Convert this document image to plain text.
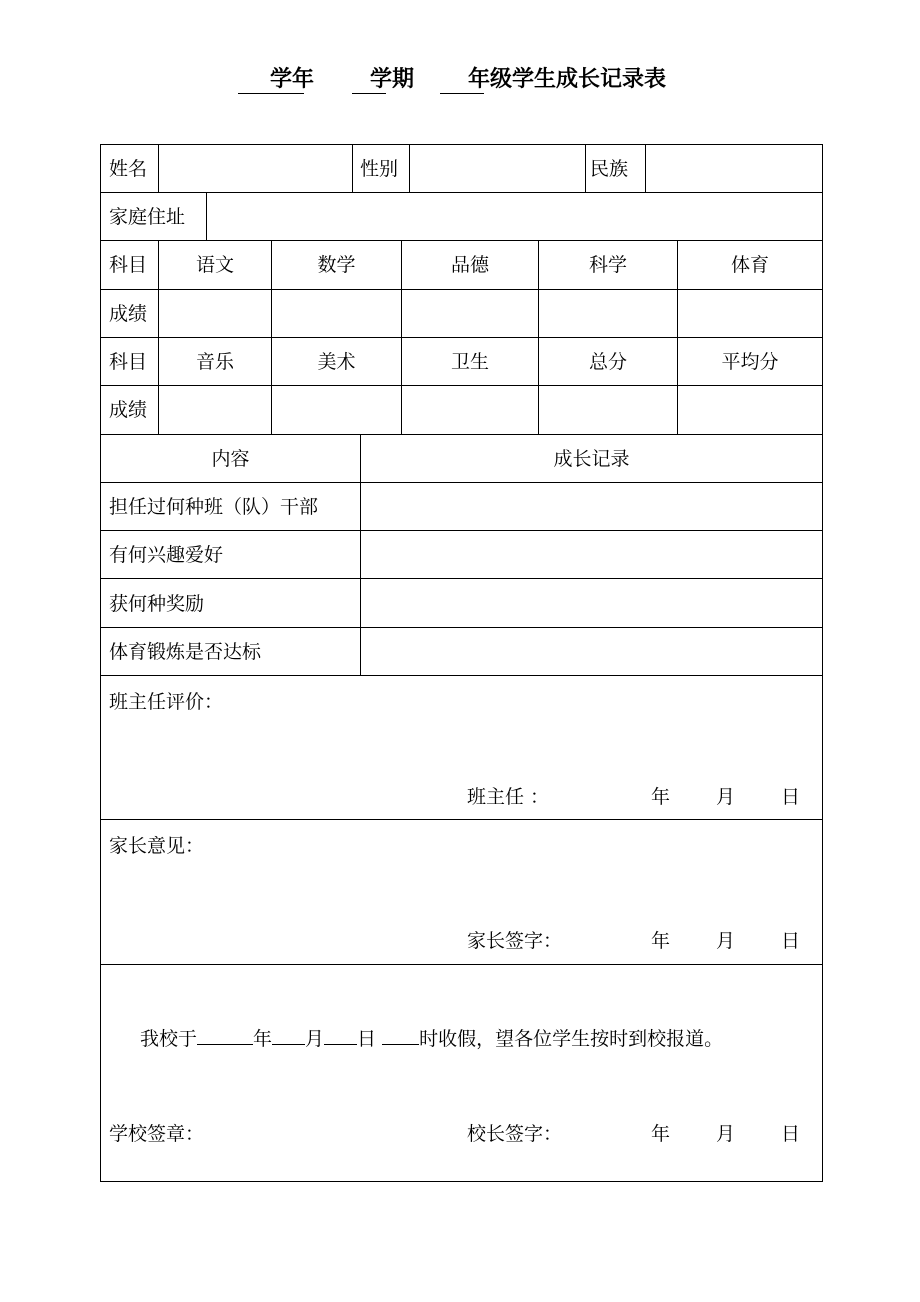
学年	学期 年级学生成长记录表
姓名	性别	民族
家庭住址
科目	语文	数学	品德	科学	体育
成绩
科目	音乐	美术	卫生	总分	平均分
成绩
内容	成长记录
担任过何种班（队）干部
有何兴趣爱好
获何种奖励
体育锻炼是否达标
班主任评价：
班主任 ：	年 月 日
家长意见：
家长签字：	年 月 日
我校于	年 月 日 时收假，望各位学生按时到校报道。
学校签章：	校长签字：	年 月 日
